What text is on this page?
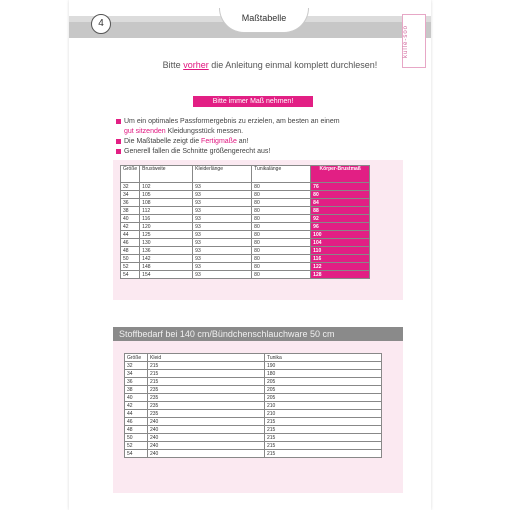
4	Maßtabelle
kulle-soo
Bitte vorher die Anleitung einmal komplett durchlesen!
Bitte immer Maß nehmen!
Um ein optimales Passformergebnis zu erzielen, am besten an einem
gut sitzenden Kleidungsstück messen.
Die Maßtabelle zeigt die Fertigmaße an!
Generell fallen die Schnitte größengerecht aus!
Größe	Brustweite	Kleiderlänge	Tunikalänge	Körper-Brustmaß
32	102	93	80	76
34	105	93	80	80
36	108	93	80	84
38	112	93	80	88
40	116	93	80	92
42	120	93	80	96
44	125	93	80	100
46	130	93	80	104
48	136	93	80	110
50	142	93	80	116
52	148	93	80	122
54	154	93	80	128
Stoffbedarf bei 140 cm/Bündchenschlauchware 50 cm
Größe	Kleid	Tunika
32	215	190
34	215	180
36	215	205
38	235	205
40	235	205
42	235	210
44	235	210
46	240	215
48	240	215
50	240	215
52	240	215
54	240	215
